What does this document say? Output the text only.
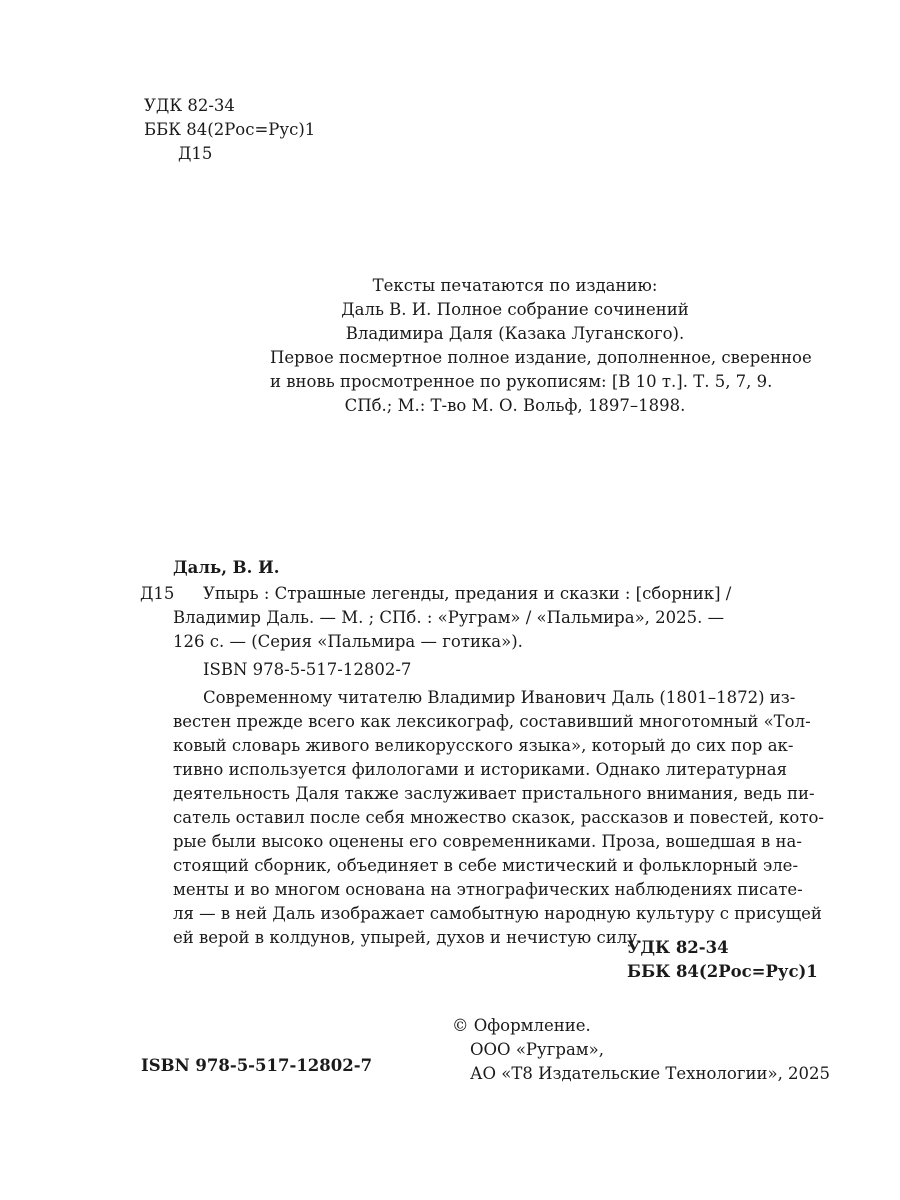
УДК 82-34
ББК 84(2Рос=Рус)1
Д15
Тексты печатаются по изданию:
Даль В. И. Полное собрание сочинений
Владимира Даля (Казака Луганского).
Первое посмертное полное издание, дополненное, сверенное
и вновь просмотренное по рукописям: [В 10 т.]. Т. 5, 7, 9.
СПб.; М.: Т-во М. О. Вольф, 1897–1898.
Даль, В. И.
Д15 Упырь : Страшные легенды, предания и сказки : [сборник] /
Владимир Даль. — М. ; СПб. : «Руграм» / «Пальмира», 2025. —
126 с. — (Серия «Пальмира — готика»).
ISBN 978-5-517-12802-7
Современному читателю Владимир Иванович Даль (1801–1872) из-
вестен прежде всего как лексикограф, составивший многотомный «Тол-
ковый словарь живого великорусского языка», который до сих пор ак-
тивно используется филологами и историками. Однако литературная
деятельность Даля также заслуживает пристального внимания, ведь пи-
сатель оставил после себя множество сказок, рассказов и повестей, кото-
рые были высоко оценены его современниками. Проза, вошедшая в на-
стоящий сборник, объединяет в себе мистический и фольклорный эле-
менты и во многом основана на этнографических наблюдениях писате-
ля — в ней Даль изображает самобытную народную культуру с присущей
ей верой в колдунов, упырей, духов и нечистую силу.
УДК 82-34
ББК 84(2Рос=Рус)1
© Оформление.
ООО «Руграм»,
АО «Т8 Издательские Технологии», 2025
ISBN 978-5-517-12802-7
